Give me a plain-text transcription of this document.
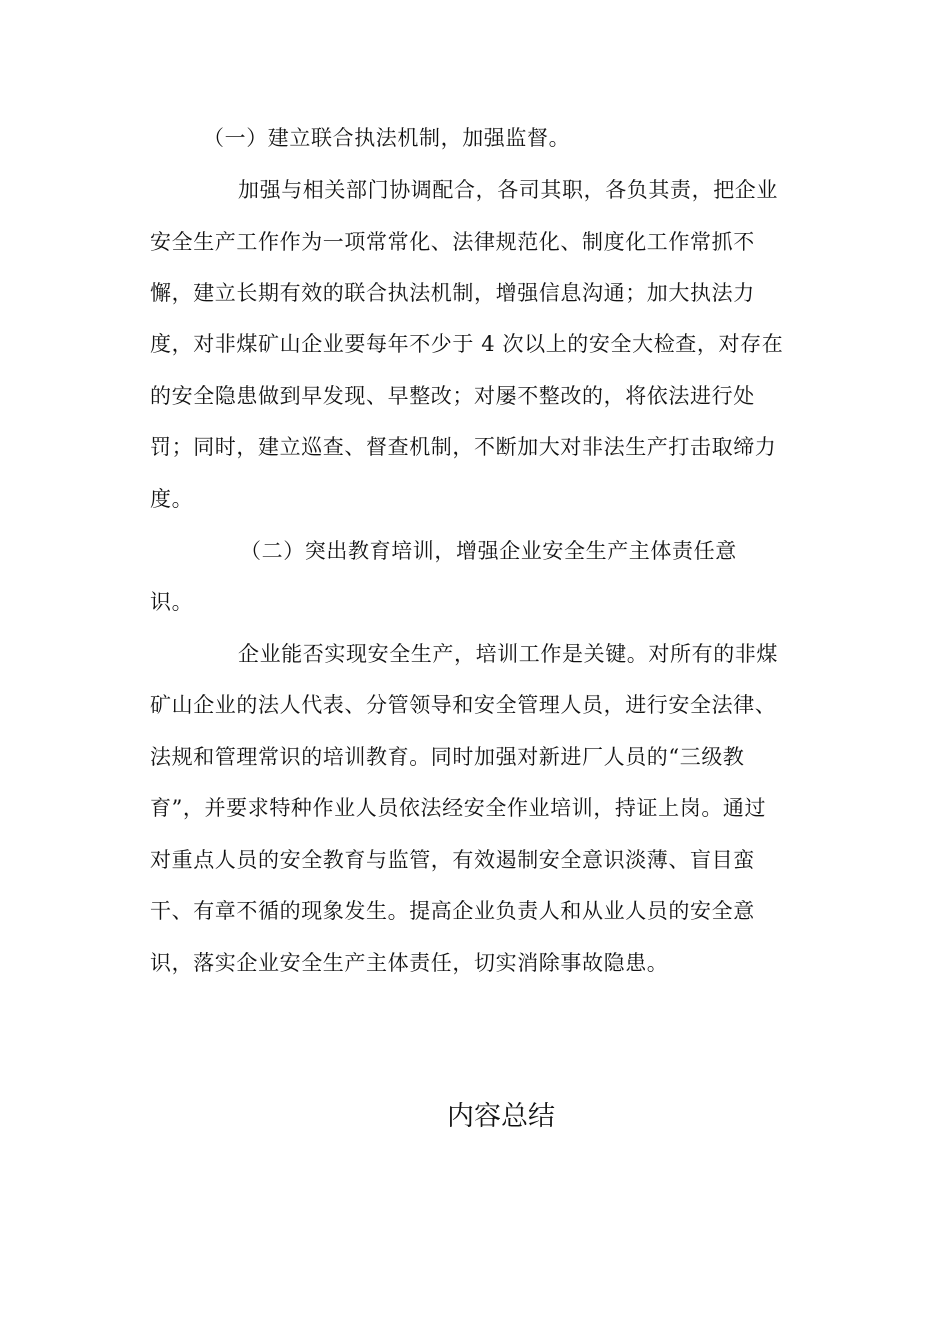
（一）建立联合执法机制，加强监督。
加强与相关部门协调配合，各司其职，各负其责，把企业
安全生产工作作为一项常常化、法律规范化、制度化工作常抓不
懈，建立长期有效的联合执法机制，增强信息沟通；加大执法力
度，对非煤矿山企业要每年不少于 4 次以上的安全大检查，对存在
的安全隐患做到早发现、早整改；对屡不整改的，将依法进行处
罚；同时，建立巡查、督查机制，不断加大对非法生产打击取缔力
度。
（二）突出教育培训，增强企业安全生产主体责任意
识。
企业能否实现安全生产，培训工作是关键。对所有的非煤
矿山企业的法人代表、分管领导和安全管理人员，进行安全法律、
法规和管理常识的培训教育。同时加强对新进厂人员的“三级教
育”，并要求特种作业人员依法经安全作业培训，持证上岗。通过
对重点人员的安全教育与监管，有效遏制安全意识淡薄、盲目蛮
干、有章不循的现象发生。提高企业负责人和从业人员的安全意
识，落实企业安全生产主体责任，切实消除事故隐患。
内容总结
